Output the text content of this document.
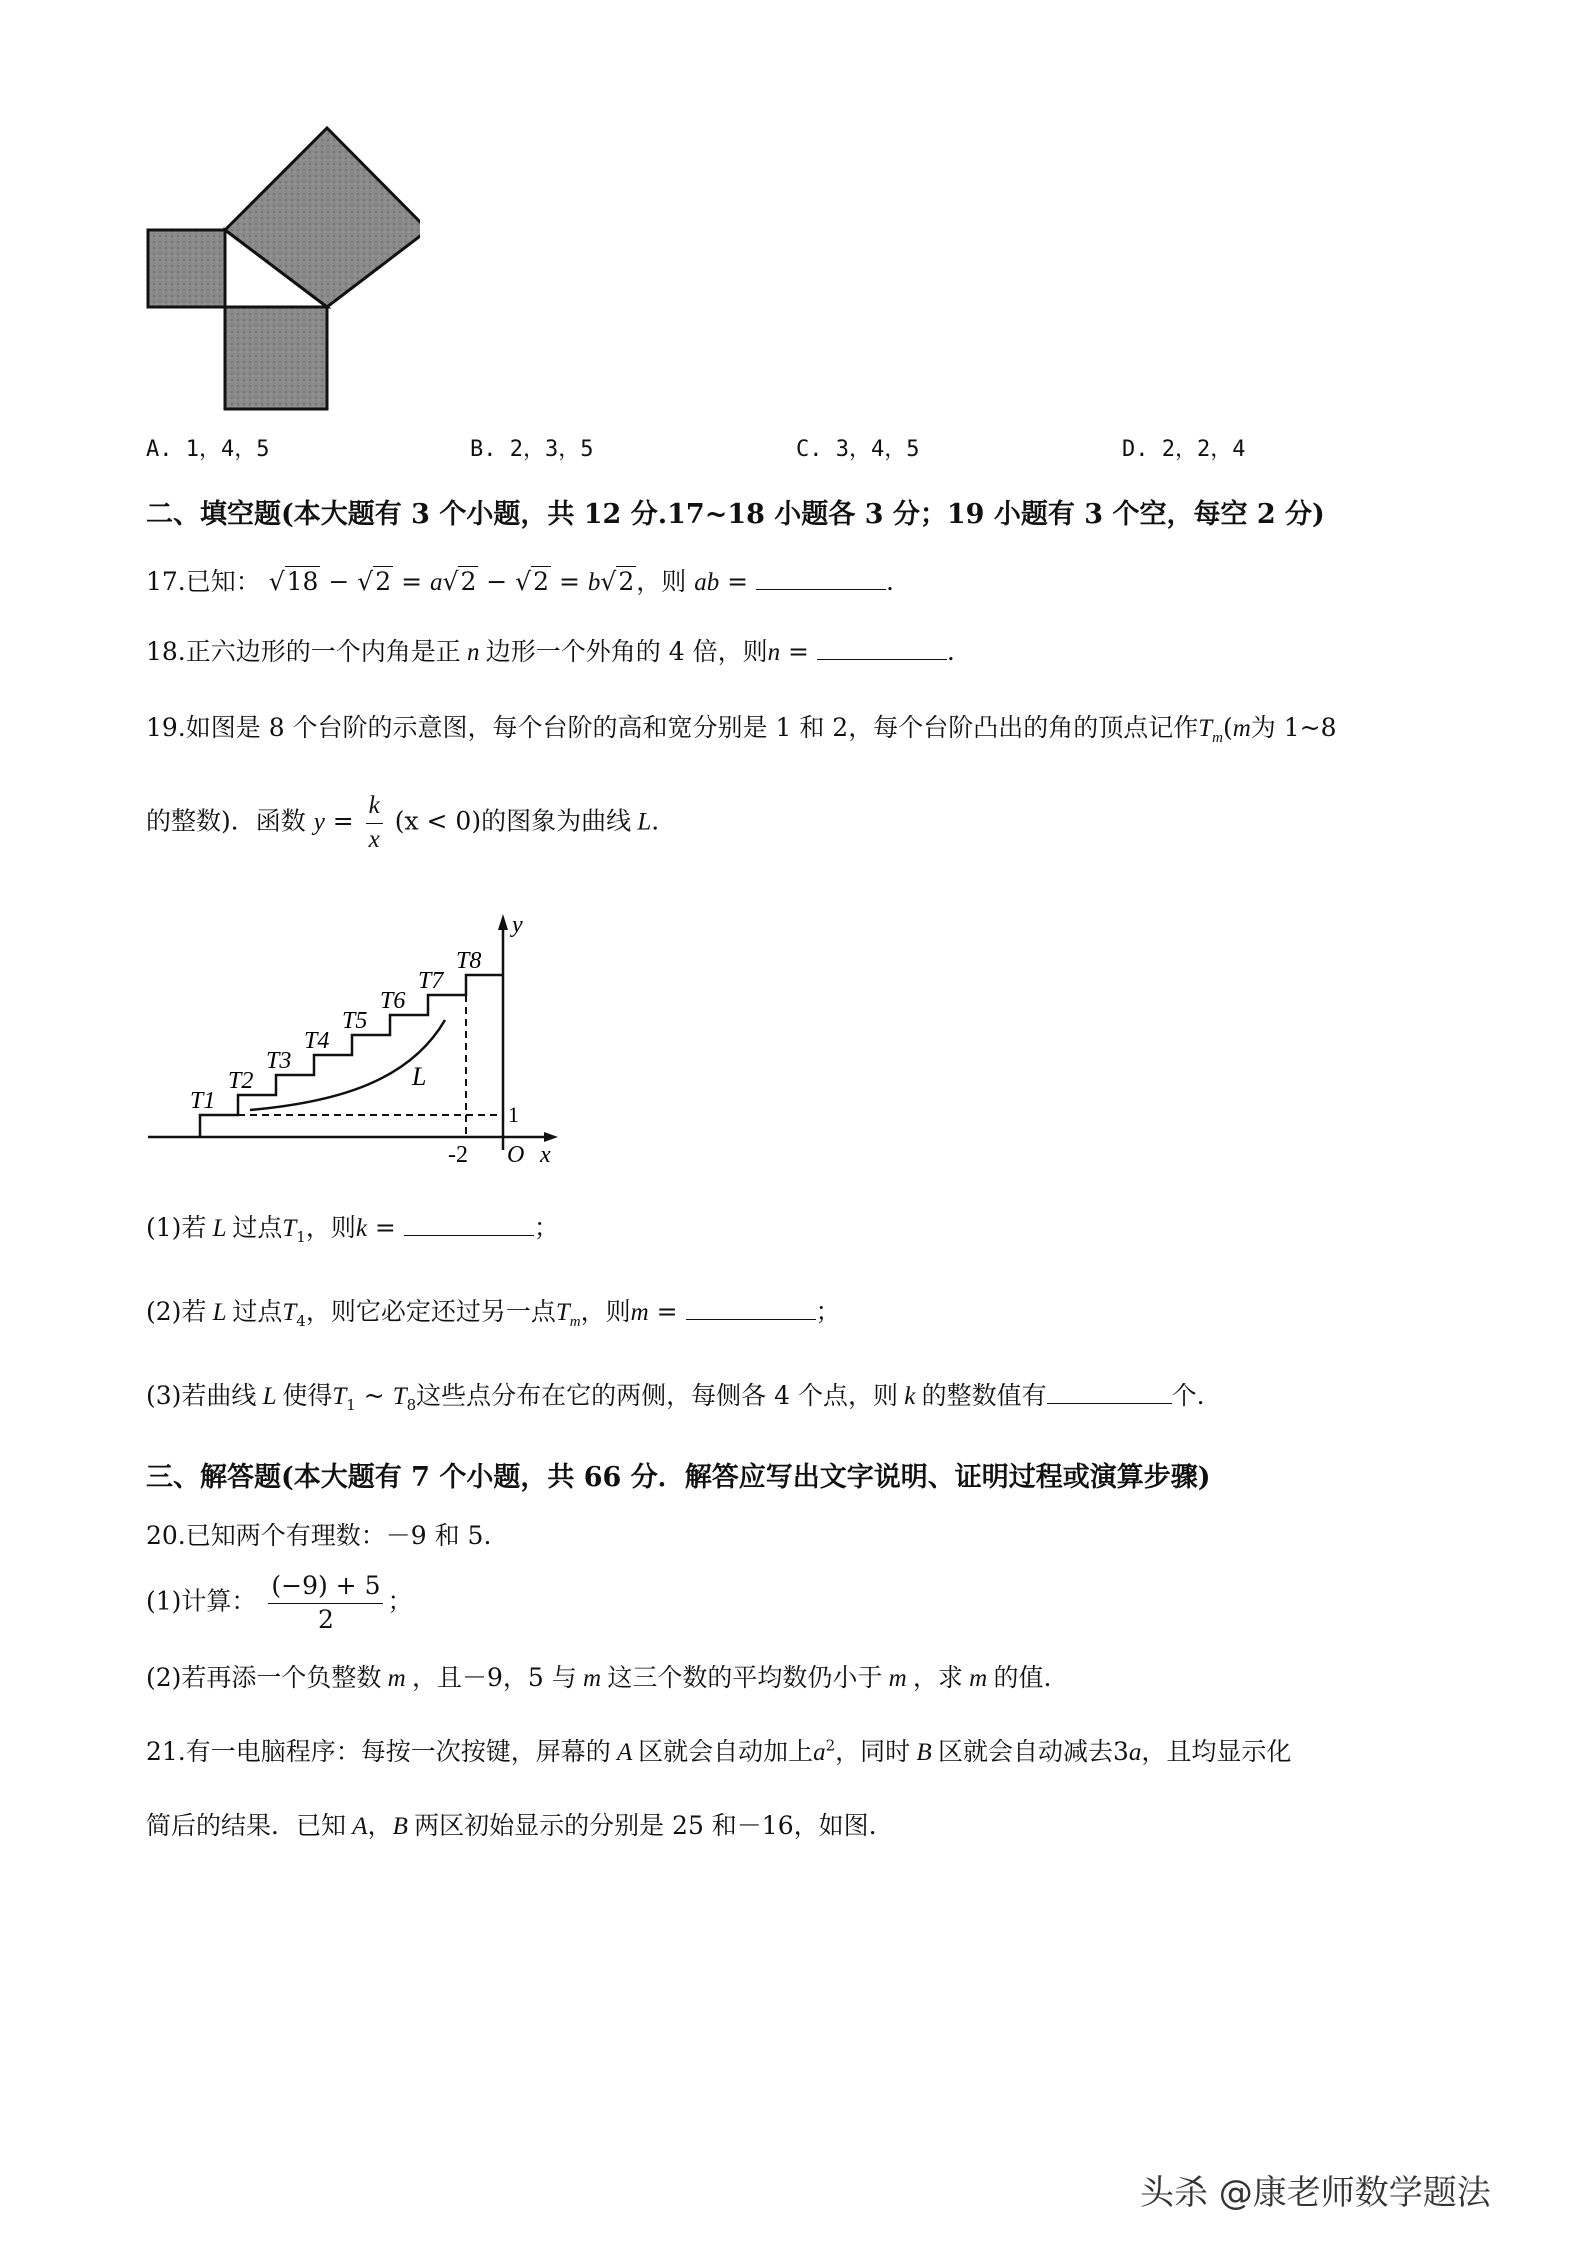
A. 1，4，5	B. 2，3，5	C. 3，4，5	D. 2，2，4
二、填空题(本大题有 3 个小题，共 12 分.17~18 小题各 3 分；19 小题有 3 个空，每空 2 分)
17.已知： √18 − √2 = a√2 − √2 = b√2，则 ab =	.
18.正六边形的一个内角是正 n 边形一个外角的 4 倍，则n =	.
19.如图是 8 个台阶的示意图，每个台阶的高和宽分别是 1 和 2，每个台阶凸出的角的顶点记作$T_m(m$为 1~8
的整数)．函数 $y = \frac{k}{x} (x < 0)$的图象为曲线 L.
T1
T2
T3
T4
T5
T6
T7
T8
L
y
x
O
-2
1
(1)若 L 过点$T_1$，则k =	；
(2)若 L 过点$T_4$，则它必定还过另一点$T_m$，则m =	；
(3)若曲线 L 使得$T_1$ ~ $T_8$这些点分布在它的两侧，每侧各 4 个点，则 k 的整数值有	个.
三、解答题(本大题有 7 个小题，共 66 分．解答应写出文字说明、证明过程或演算步骤)
20.已知两个有理数：－9 和 5.
(1)计算： $\frac{(-9) + 5}{2}$ ；
(2)若再添一个负整数 m ，且－9，5 与 m 这三个数的平均数仍小于 m ，求 m 的值.
21.有一电脑程序：每按一次按键，屏幕的 A 区就会自动加上$a^2$，同时 B 区就会自动减去3a，且均显示化
简后的结果．已知 A，B 两区初始显示的分别是 25 和－16，如图.
头杀 @康老师数学题法
